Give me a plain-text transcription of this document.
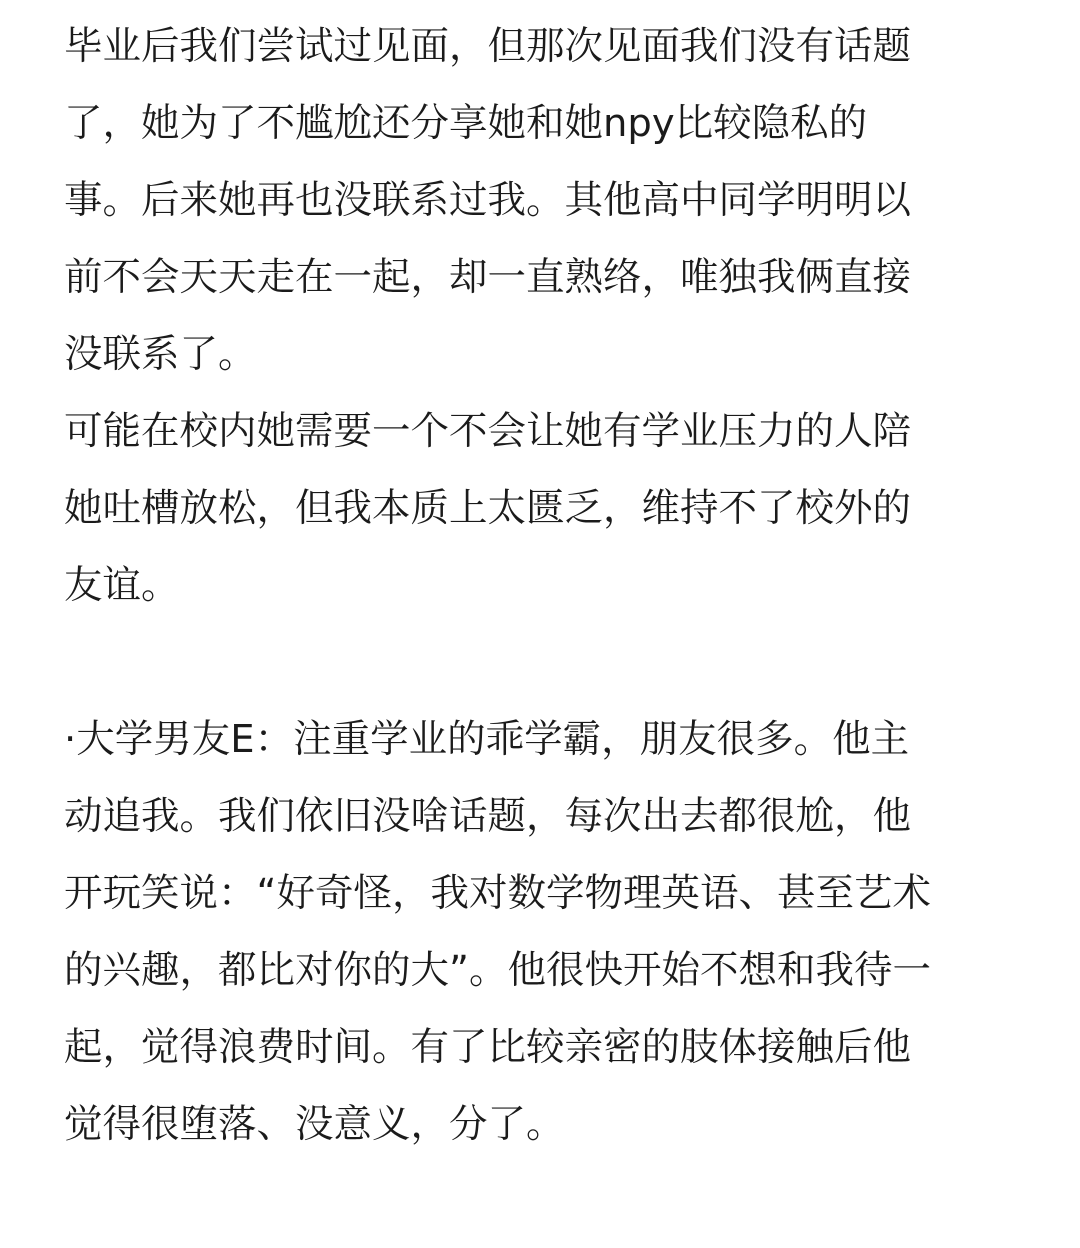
毕业后我们尝试过见面，但那次见面我们没有话题
了，她为了不尴尬还分享她和她npy比较隐私的
事。后来她再也没联系过我。其他高中同学明明以
前不会天天走在一起，却一直熟络，唯独我俩直接
没联系了。
可能在校内她需要一个不会让她有学业压力的人陪
她吐槽放松，但我本质上太匮乏，维持不了校外的
友谊。
·大学男友E：注重学业的乖学霸，朋友很多。他主
动追我。我们依旧没啥话题，每次出去都很尬，他
开玩笑说：“好奇怪，我对数学物理英语、甚至艺术
的兴趣，都比对你的大”。他很快开始不想和我待一
起，觉得浪费时间。有了比较亲密的肢体接触后他
觉得很堕落、没意义，分了。
